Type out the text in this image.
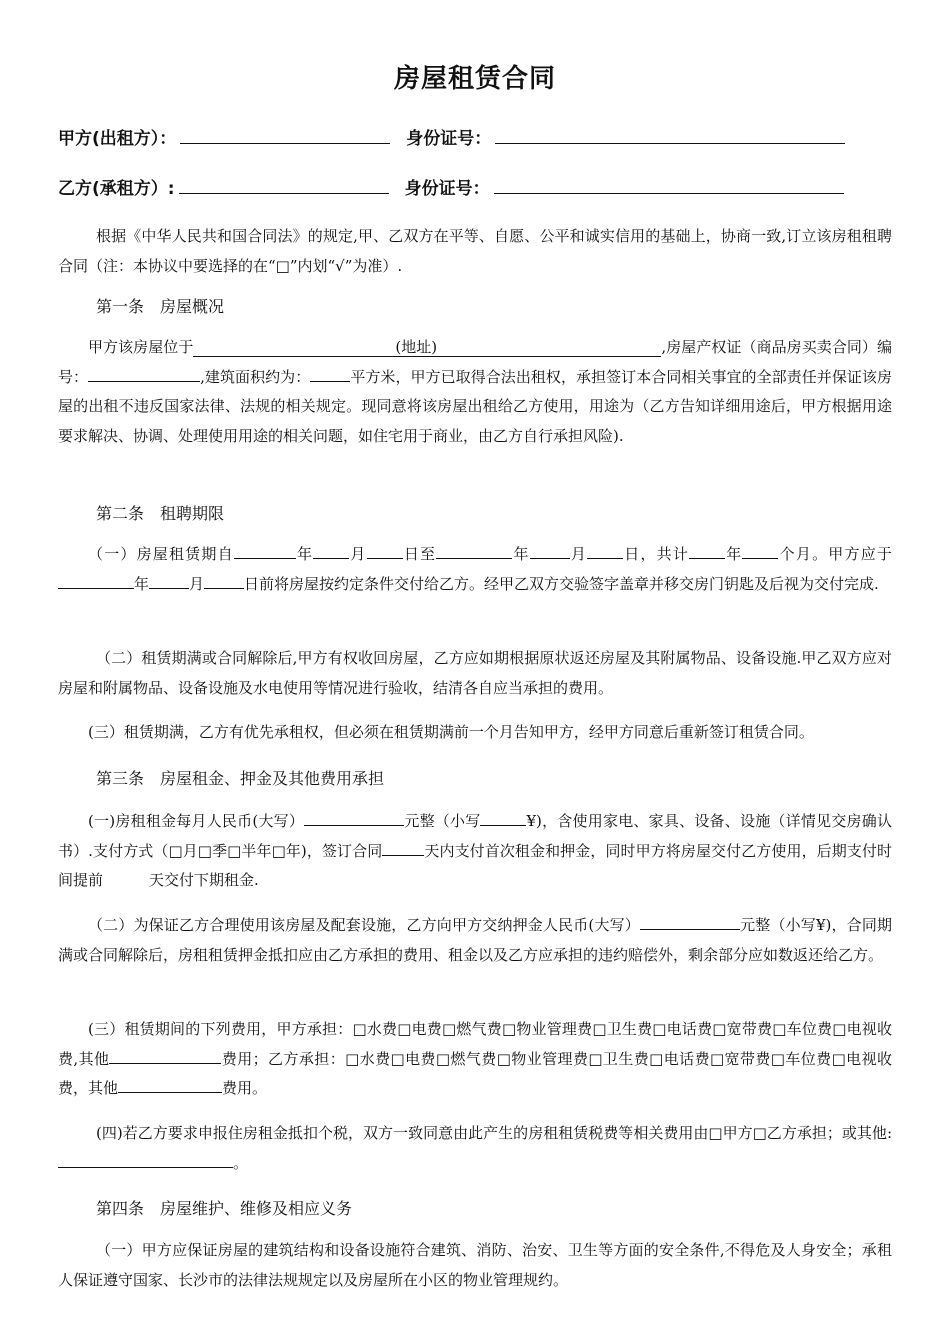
房屋租赁合同
甲方(出租方）：	身份证号：
乙方(承租方）:	身份证号：
根据《中华人民共和国合同法》的规定,甲、乙双方在平等、自愿、公平和诚实信用的基础上，协商一致,订立该房租租聘合同（注：本协议中要选择的在“□”内划“√”为准）.
第一条　房屋概况
甲方该房屋位于	(地址)	,房屋产权证（商品房买卖合同）编号：	,建筑面积约为：	平方米，甲方已取得合法出租权，承担签订本合同相关事宜的全部责任并保证该房屋的出租不违反国家法律、法规的相关规定。现同意将该房屋出租给乙方使用，用途为（乙方告知详细用途后，甲方根据用途要求解决、协调、处理使用用途的相关问题，如住宅用于商业，由乙方自行承担风险).
第二条　租聘期限
（一）房屋租赁期自	年 月 日至	年	月 日，共计 年 个月。甲方应于年	月	日前将房屋按约定条件交付给乙方。经甲乙双方交验签字盖章并移交房门钥匙及后视为交付完成.
（二）租赁期满或合同解除后,甲方有权收回房屋，乙方应如期根据原状返还房屋及其附属物品、设备设施.甲乙双方应对房屋和附属物品、设备设施及水电使用等情况进行验收，结清各自应当承担的费用。
(三）租赁期满，乙方有优先承租权，但必须在租赁期满前一个月告知甲方，经甲方同意后重新签订租赁合同。
第三条　房屋租金、押金及其他费用承担
(一)房租租金每月人民币(大写）	元整（小写	¥)，含使用家电、家具、设备、设施（详情见交房确认书）.支付方式（□月□季□半年□年)，签订合同	天内支付首次租金和押金，同时甲方将房屋交付乙方使用，后期支付时间提前	天交付下期租金.
（二）为保证乙方合理使用该房屋及配套设施，乙方向甲方交纳押金人民币(大写）	元整（小写¥)，合同期满或合同解除后，房租租赁押金抵扣应由乙方承担的费用、租金以及乙方应承担的违约赔偿外，剩余部分应如数返还给乙方。
(三）租赁期间的下列费用，甲方承担：□水费□电费□燃气费□物业管理费□卫生费□电话费□宽带费□车位费□电视收费,其他	费用；乙方承担：□水费□电费□燃气费□物业管理费□卫生费□电话费□宽带费□车位费□电视收费，其他	费用。
(四)若乙方要求申报住房租金抵扣个税，双方一致同意由此产生的房租租赁税费等相关费用由□甲方□乙方承担；或其他:。
第四条　房屋维护、维修及相应义务
（一）甲方应保证房屋的建筑结构和设备设施符合建筑、消防、治安、卫生等方面的安全条件,不得危及人身安全；承租人保证遵守国家、长沙市的法律法规规定以及房屋所在小区的物业管理规约。
